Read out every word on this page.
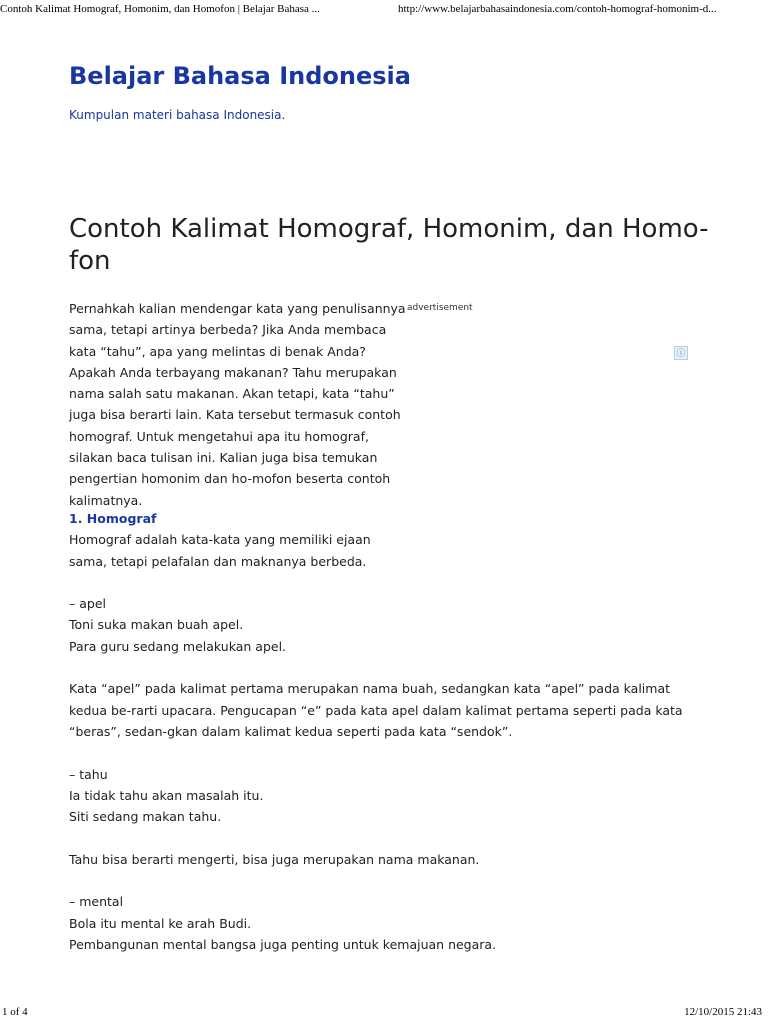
Contoh Kalimat Homograf, Homonim, dan Homofon | Belajar Bahasa ...	http://www.belajarbahasaindonesia.com/contoh-homograf-homonim-d...
Belajar Bahasa Indonesia
Kumpulan materi bahasa Indonesia.
Contoh Kalimat Homograf, Homonim, dan Homo-fon

Pernahkah kalian mendengar kata yang penulisannya sama, tetapi artinya berbeda? Jika Anda membaca kata “tahu”, apa yang melintas di benak Anda? Apakah Anda terbayang makanan? Tahu merupakan nama salah satu makanan. Akan tetapi, kata “tahu” juga bisa berarti lain. Kata tersebut termasuk contoh homograf. Untuk mengetahui apa itu homograf, silakan baca tulisan ini. Kalian juga bisa temukan pengertian homonim dan ho-mofon beserta contoh kalimatnya.

advertisement
ⓘ

1. Homograf
Homograf adalah kata-kata yang memiliki ejaan sama, tetapi pelafalan dan maknanya berbeda.

– apel
Toni suka makan buah apel.
Para guru sedang melakukan apel.

Kata “apel” pada kalimat pertama merupakan nama buah, sedangkan kata “apel” pada kalimat kedua be-rarti upacara. Pengucapan “e” pada kata apel dalam kalimat pertama seperti pada kata “beras”, sedan-gkan dalam kalimat kedua seperti pada kata “sendok”.

– tahu
Ia tidak tahu akan masalah itu.
Siti sedang makan tahu.

Tahu bisa berarti mengerti, bisa juga merupakan nama makanan.

– mental
Bola itu mental ke arah Budi.
Pembangunan mental bangsa juga penting untuk kemajuan negara.

1 of 4	12/10/2015 21:43
